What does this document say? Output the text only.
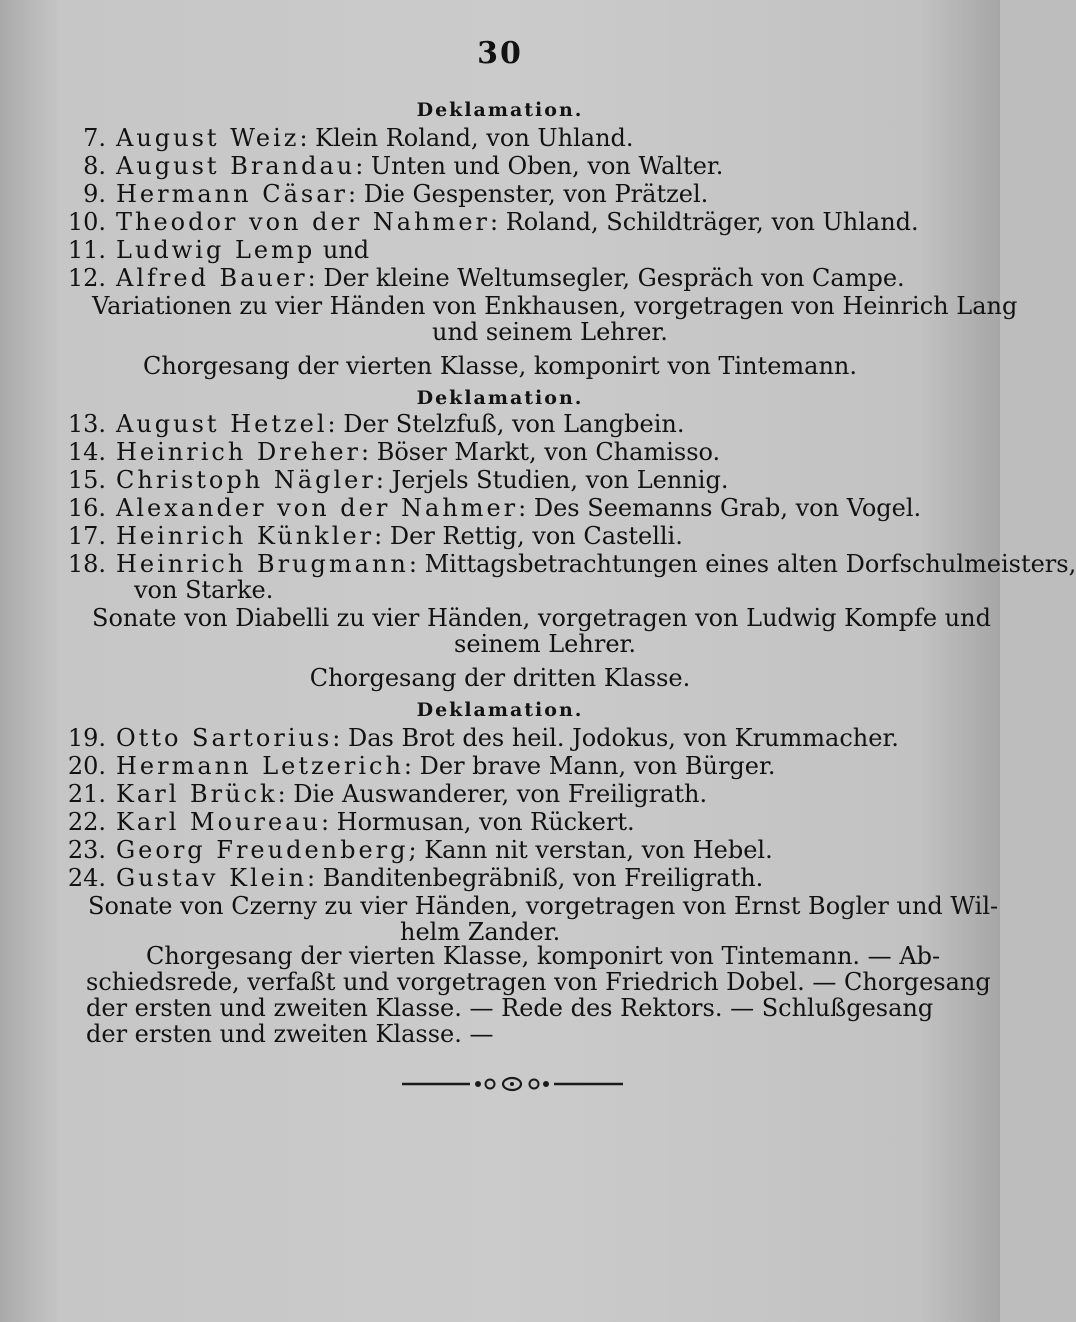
30
Deklamation.
7. August Weiz: Klein Roland, von Uhland.
8. August Brandau: Unten und Oben, von Walter.
9. Hermann Cäsar: Die Gespenster, von Prätzel.
10. Theodor von der Nahmer: Roland, Schildträger, von Uhland.
11. Ludwig Lemp und
12. Alfred Bauer: Der kleine Weltumsegler, Gespräch von Campe.
Variationen zu vier Händen von Enkhausen, vorgetragen von Heinrich Lang
und seinem Lehrer.
Chorgesang der vierten Klasse, komponirt von Tintemann.
Deklamation.
13. August Hetzel: Der Stelzfuß, von Langbein.
14. Heinrich Dreher: Böser Markt, von Chamisso.
15. Christoph Nägler: Jerjels Studien, von Lennig.
16. Alexander von der Nahmer: Des Seemanns Grab, von Vogel.
17. Heinrich Künkler: Der Rettig, von Castelli.
18. Heinrich Brugmann: Mittagsbetrachtungen eines alten Dorfschulmeisters,
von Starke.
Sonate von Diabelli zu vier Händen, vorgetragen von Ludwig Kompfe und
seinem Lehrer.
Chorgesang der dritten Klasse.
Deklamation.
19. Otto Sartorius: Das Brot des heil. Jodokus, von Krummacher.
20. Hermann Letzerich: Der brave Mann, von Bürger.
21. Karl Brück: Die Auswanderer, von Freiligrath.
22. Karl Moureau: Hormusan, von Rückert.
23. Georg Freudenberg; Kann nit verstan, von Hebel.
24. Gustav Klein: Banditenbegräbniß, von Freiligrath.
Sonate von Czerny zu vier Händen, vorgetragen von Ernst Bogler und Wil-
helm Zander.
Chorgesang der vierten Klasse, komponirt von Tintemann. — Ab-
schiedsrede, verfaßt und vorgetragen von Friedrich Dobel. — Chorgesang
der ersten und zweiten Klasse. — Rede des Rektors. — Schlußgesang
der ersten und zweiten Klasse. —
